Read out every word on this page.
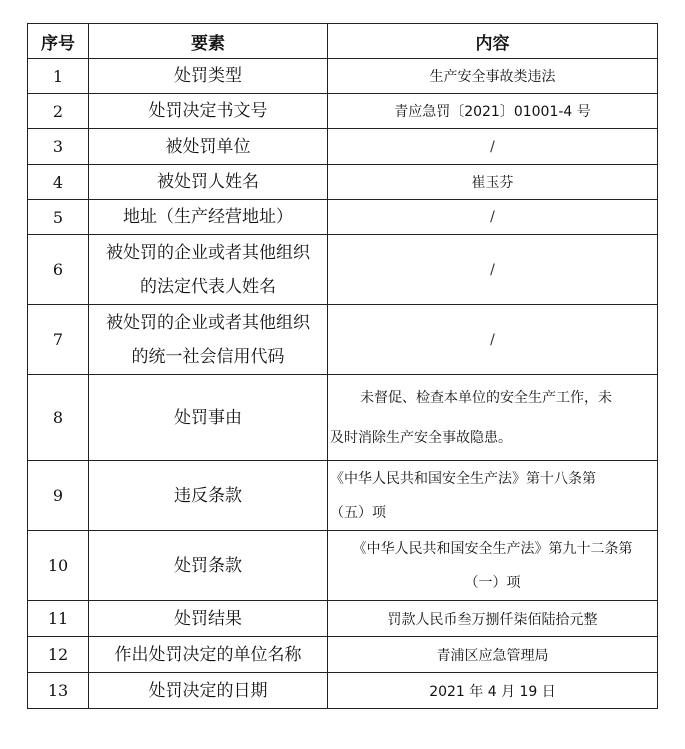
序号	要素	内容
1	处罚类型	生产安全事故类违法
2	处罚决定书文号	青应急罚〔2021〕01001-4 号
3	被处罚单位	/
4	被处罚人姓名	崔玉芬
5	地址（生产经营地址）	/
6	被处罚的企业或者其他组织
的法定代表人姓名	/
7	被处罚的企业或者其他组织
的统一社会信用代码	/
8	处罚事由	未督促、检查本单位的安全生产工作，未
及时消除生产安全事故隐患。

9	违反条款	《中华人民共和国安全生产法》第十八条第
（五）项

10	处罚条款	《中华人民共和国安全生产法》第九十二条第
（一）项

11	处罚结果	罚款人民币叁万捌仟柒佰陆拾元整
12	作出处罚决定的单位名称	青浦区应急管理局
13	处罚决定的日期	2021 年 4 月 19 日
